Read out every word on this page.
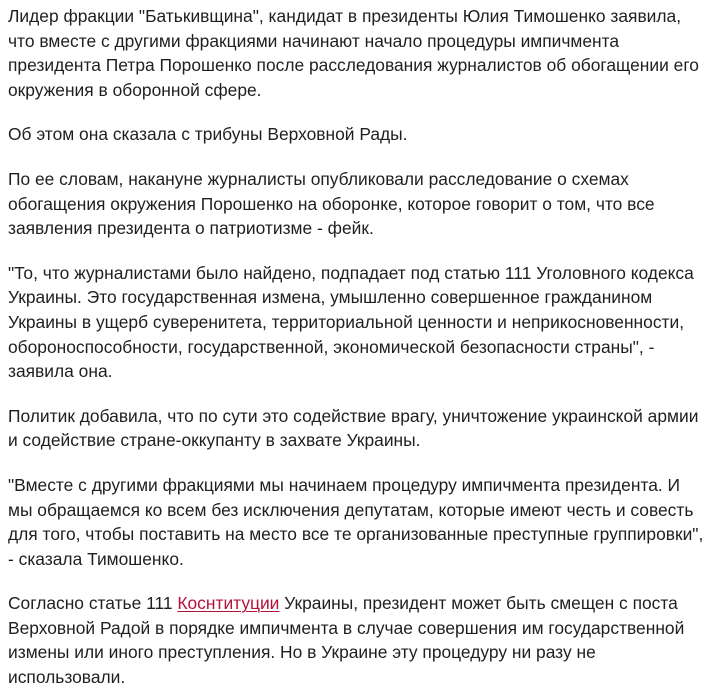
Лидер фракции "Батькивщина", кандидат в президенты Юлия Тимошенко заявила, что вместе с другими фракциями начинают начало процедуры импичмента президента Петра Порошенко после расследования журналистов об обогащении его окружения в оборонной сфере.

Об этом она сказала с трибуны Верховной Рады.

По ее словам, накануне журналисты опубликовали расследование о схемах обогащения окружения Порошенко на оборонке, которое говорит о том, что все заявления президента о патриотизме - фейк.

"То, что журналистами было найдено, подпадает под статью 111 Уголовного кодекса Украины. Это государственная измена, умышленно совершенное гражданином Украины в ущерб суверенитета, территориальной ценности и неприкосновенности, обороноспособности, государственной, экономической безопасности страны", - заявила она.

Политик добавила, что по сути это содействие врагу, уничтожение украинской армии и содействие стране-оккупанту в захвате Украины.

"Вместе с другими фракциями мы начинаем процедуру импичмента президента. И мы обращаемся ко всем без исключения депутатам, которые имеют честь и совесть для того, чтобы поставить на место все те организованные преступные группировки", - сказала Тимошенко.

Согласно статье 111 Коснтитуции Украины, президент может быть смещен с поста Верховной Радой в порядке импичмента в случае совершения им государственной измены или иного преступления. Но в Украине эту процедуру ни разу не использовали.
